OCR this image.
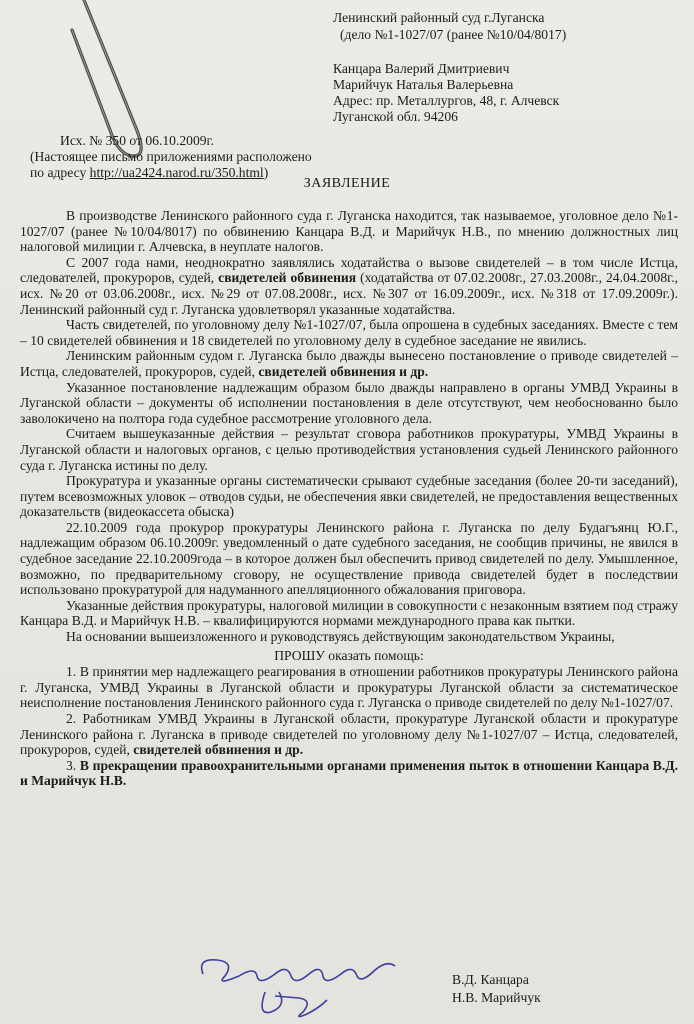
Ленинский районный суд г.Луганска
(дело №1-1027/07 (ранее №10/04/8017)
Канцара Валерий Дмитриевич
Марийчук Наталья Валерьевна
Адрес: пр. Металлургов, 48, г. Алчевск
Луганской обл. 94206
Исх. № 350 от 06.10.2009г.
(Настоящее письмо приложениями расположено
по адресу http://ua2424.narod.ru/350.html)
ЗАЯВЛЕНИЕ

В производстве Ленинского районного суда г. Луганска находится, так называемое, уголовное дело №1-1027/07 (ранее №10/04/8017) по обвинению Канцара В.Д. и Марийчук Н.В., по мнению должностных лиц налоговой милиции г. Алчевска, в неуплате налогов.

С 2007 года нами, неоднократно заявлялись ходатайства о вызове свидетелей – в том числе Истца, следователей, прокуроров, судей, свидетелей обвинения (ходатайства от 07.02.2008г., 27.03.2008г., 24.04.2008г., исх. №20 от 03.06.2008г., исх. №29 от 07.08.2008г., исх. №307 от 16.09.2009г., исх. №318 от 17.09.2009г.). Ленинский районный суд г. Луганска удовлетворял указанные ходатайства.

Часть свидетелей, по уголовному делу №1-1027/07, была опрошена в судебных заседаниях. Вместе с тем – 10 свидетелей обвинения и 18 свидетелей по уголовному делу в судебное заседание не явились.

Ленинским районным судом г. Луганска было дважды вынесено постановление о приводе свидетелей – Истца, следователей, прокуроров, судей, свидетелей обвинения и др.

Указанное постановление надлежащим образом было дважды направлено в органы УМВД Украины в Луганской области – документы об исполнении постановления в деле отсутствуют, чем необоснованно было заволокичено на полтора года судебное рассмотрение уголовного дела.

Считаем вышеуказанные действия – результат сговора работников прокуратуры, УМВД Украины в Луганской области и налоговых органов, с целью противодействия установления судьей Ленинского районного суда г. Луганска истины по делу.

Прокуратура и указанные органы систематически срывают судебные заседания (более 20-ти заседаний), путем всевозможных уловок – отводов судьи, не обеспечения явки свидетелей, не предоставления вещественных доказательств (видеокассета обыска)

22.10.2009 года прокурор прокуратуры Ленинского района г. Луганска по делу Будагъянц Ю.Г., надлежащим образом 06.10.2009г. уведомленный о дате судебного заседания, не сообщив причины, не явился в судебное заседание 22.10.2009года – в которое должен был обеспечить привод свидетелей по делу. Умышленное, возможно, по предварительному сговору, не осуществление привода свидетелей будет в последствии использовано прокуратурой для надуманного апелляционного обжалования приговора.

Указанные действия прокуратуры, налоговой милиции в совокупности с незаконным взятием под стражу Канцара В.Д. и Марийчук Н.В. – квалифицируются нормами международного права как пытки.

На основании вышеизложенного и руководствуясь действующим законодательством Украины,

ПРОШУ оказать помощь:

1. В принятии мер надлежащего реагирования в отношении работников прокуратуры Ленинского района г. Луганска, УМВД Украины в Луганской области и прокуратуры Луганской области за систематическое неисполнение постановления Ленинского районного суда г. Луганска о приводе свидетелей по делу №1-1027/07.

2. Работникам УМВД Украины в Луганской области, прокуратуре Луганской области и прокуратуре Ленинского района г. Луганска в приводе свидетелей по уголовному делу №1-1027/07 – Истца, следователей, прокуроров, судей, свидетелей обвинения и др.

3. В прекращении правоохранительными органами применения пыток в отношении Канцара В.Д. и Марийчук Н.В.

В.Д. Канцара
Н.В. Марийчук
